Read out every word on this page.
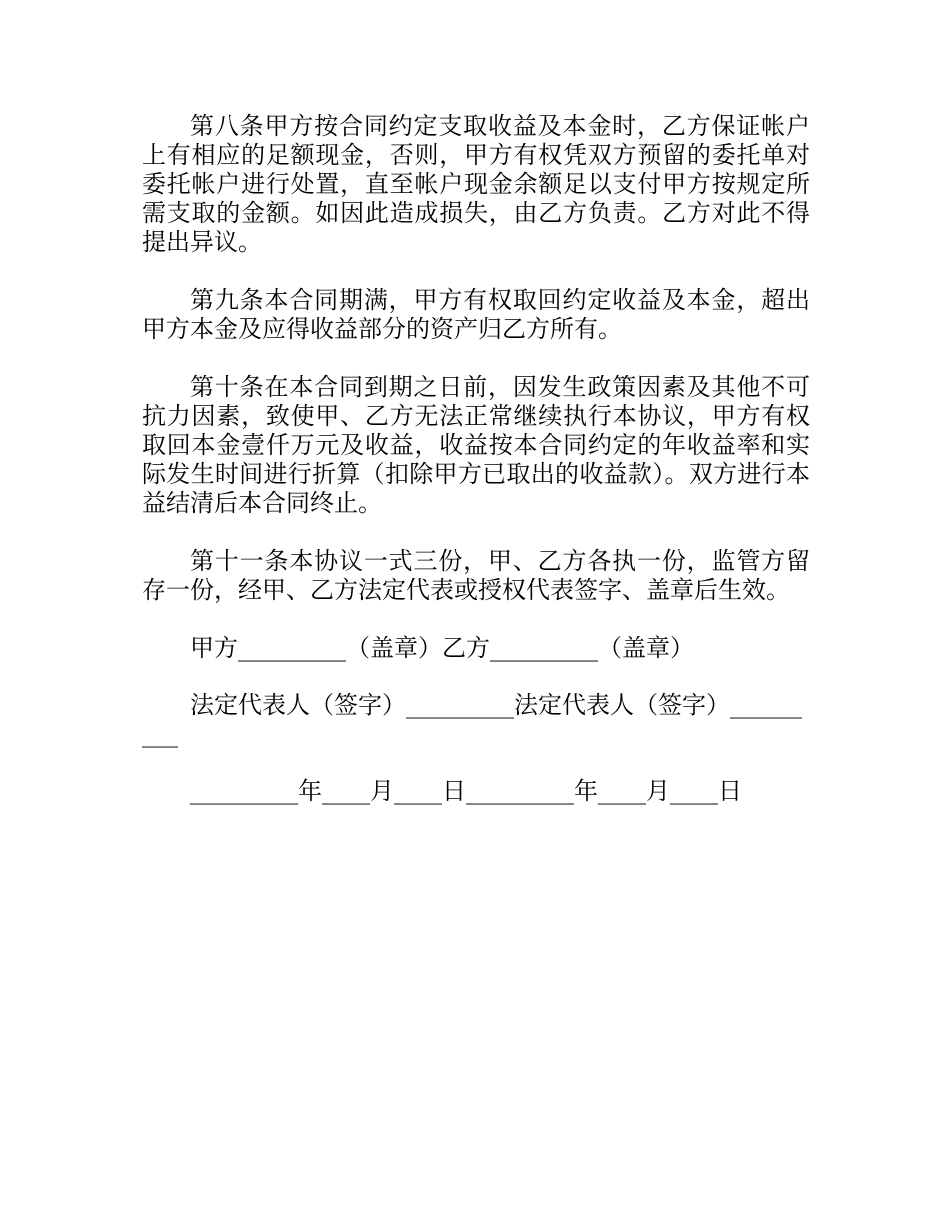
第八条甲方按合同约定支取收益及本金时，乙方保证帐户上有相应的足额现金，否则，甲方有权凭双方预留的委托单对委托帐户进行处置，直至帐户现金余额足以支付甲方按规定所需支取的金额。如因此造成损失，由乙方负责。乙方对此不得提出异议。

第九条本合同期满，甲方有权取回约定收益及本金，超出甲方本金及应得收益部分的资产归乙方所有。

第十条在本合同到期之日前，因发生政策因素及其他不可抗力因素，致使甲、乙方无法正常继续执行本协议，甲方有权取回本金壹仟万元及收益，收益按本合同约定的年收益率和实际发生时间进行折算（扣除甲方已取出的收益款）。双方进行本益结清后本合同终止。

第十一条本协议一式三份，甲、乙方各执一份，监管方留存一份，经甲、乙方法定代表或授权代表签字、盖章后生效。

甲方_________（盖章）乙方_________（盖章）

法定代表人（签字）_________法定代表人（签字）_________

_________年____月____日_________年____月____日
